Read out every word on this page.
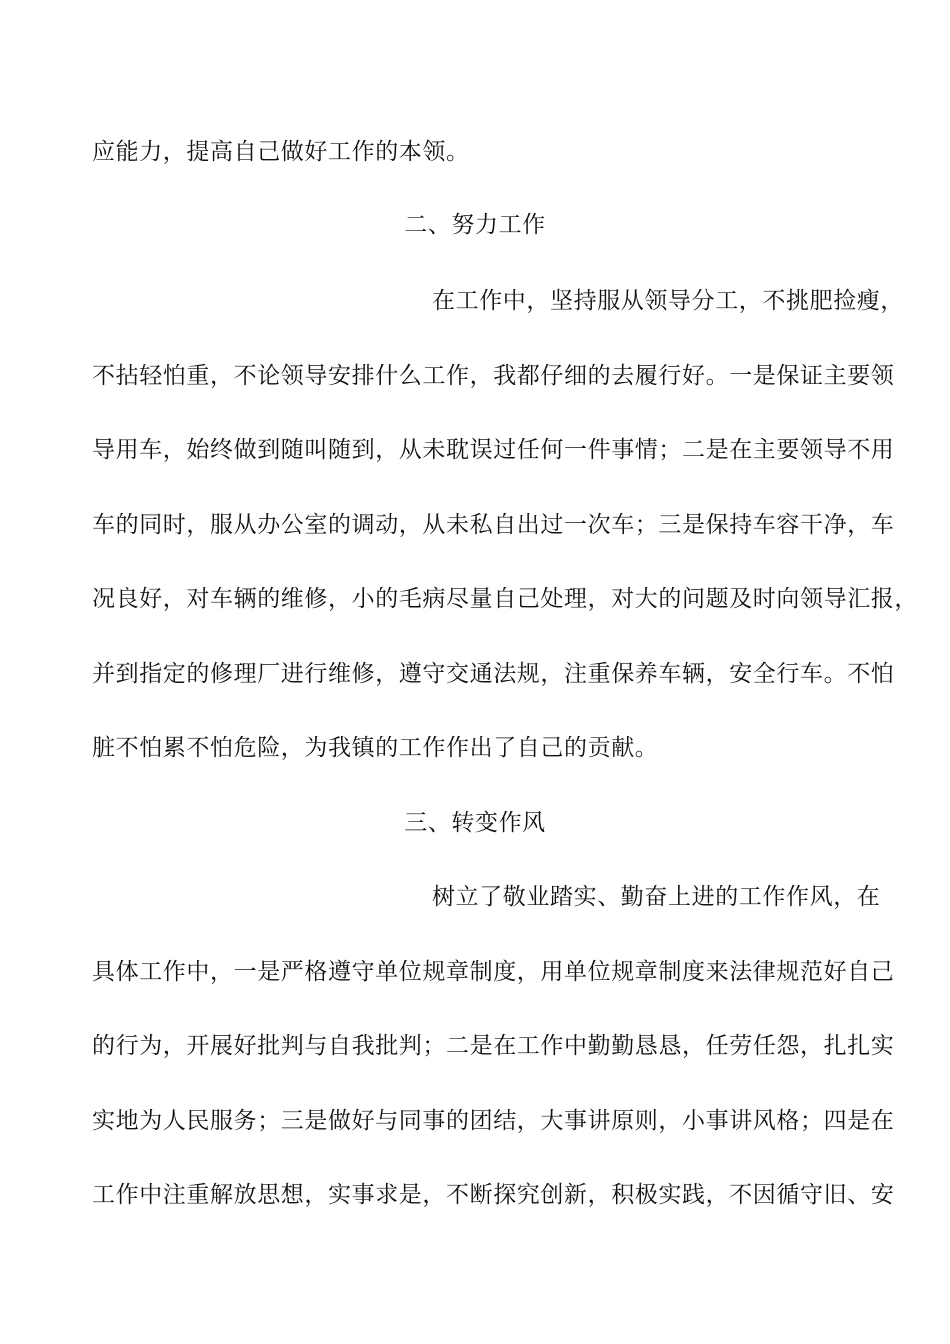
应能力，提高自己做好工作的本领。
二、努力工作
在工作中，坚持服从领导分工，不挑肥捡瘦，
不拈轻怕重，不论领导安排什么工作，我都仔细的去履行好。一是保证主要领
导用车，始终做到随叫随到，从未耽误过任何一件事情；二是在主要领导不用
车的同时，服从办公室的调动，从未私自出过一次车；三是保持车容干净，车
况良好，对车辆的维修，小的毛病尽量自己处理，对大的问题及时向领导汇报，
并到指定的修理厂进行维修，遵守交通法规，注重保养车辆，安全行车。不怕
脏不怕累不怕危险，为我镇的工作作出了自己的贡献。
三、转变作风
树立了敬业踏实、勤奋上进的工作作风，在
具体工作中，一是严格遵守单位规章制度，用单位规章制度来法律规范好自己
的行为，开展好批判与自我批判；二是在工作中勤勤恳恳，任劳任怨，扎扎实
实地为人民服务；三是做好与同事的团结，大事讲原则，小事讲风格；四是在
工作中注重解放思想，实事求是，不断探究创新，积极实践，不因循守旧、安
